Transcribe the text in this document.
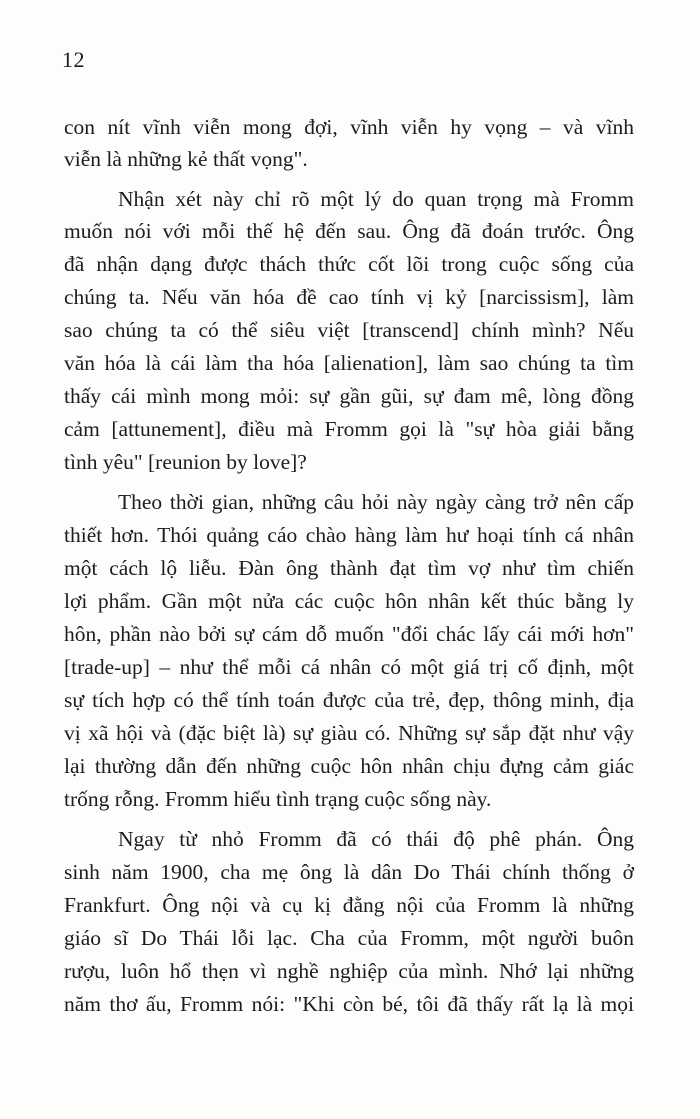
12
con nít vĩnh viễn mong đợi, vĩnh viễn hy vọng – và vĩnh
viễn là những kẻ thất vọng".
Nhận xét này chỉ rõ một lý do quan trọng mà Fromm
muốn nói với mỗi thế hệ đến sau. Ông đã đoán trước. Ông
đã nhận dạng được thách thức cốt lõi trong cuộc sống của
chúng ta. Nếu văn hóa đề cao tính vị kỷ [narcissism], làm
sao chúng ta có thể siêu việt [transcend] chính mình? Nếu
văn hóa là cái làm tha hóa [alienation], làm sao chúng ta tìm
thấy cái mình mong mỏi: sự gần gũi, sự đam mê, lòng đồng
cảm [attunement], điều mà Fromm gọi là "sự hòa giải bằng
tình yêu" [reunion by love]?
Theo thời gian, những câu hỏi này ngày càng trở nên cấp
thiết hơn. Thói quảng cáo chào hàng làm hư hoại tính cá nhân
một cách lộ liễu. Đàn ông thành đạt tìm vợ như tìm chiến
lợi phẩm. Gần một nửa các cuộc hôn nhân kết thúc bằng ly
hôn, phần nào bởi sự cám dỗ muốn "đổi chác lấy cái mới hơn"
[trade-up] – như thể mỗi cá nhân có một giá trị cố định, một
sự tích hợp có thể tính toán được của trẻ, đẹp, thông minh, địa
vị xã hội và (đặc biệt là) sự giàu có. Những sự sắp đặt như vậy
lại thường dẫn đến những cuộc hôn nhân chịu đựng cảm giác
trống rỗng. Fromm hiểu tình trạng cuộc sống này.
Ngay từ nhỏ Fromm đã có thái độ phê phán. Ông
sinh năm 1900, cha mẹ ông là dân Do Thái chính thống ở
Frankfurt. Ông nội và cụ kị đằng nội của Fromm là những
giáo sĩ Do Thái lỗi lạc. Cha của Fromm, một người buôn
rượu, luôn hổ thẹn vì nghề nghiệp của mình. Nhớ lại những
năm thơ ấu, Fromm nói: "Khi còn bé, tôi đã thấy rất lạ là mọi
